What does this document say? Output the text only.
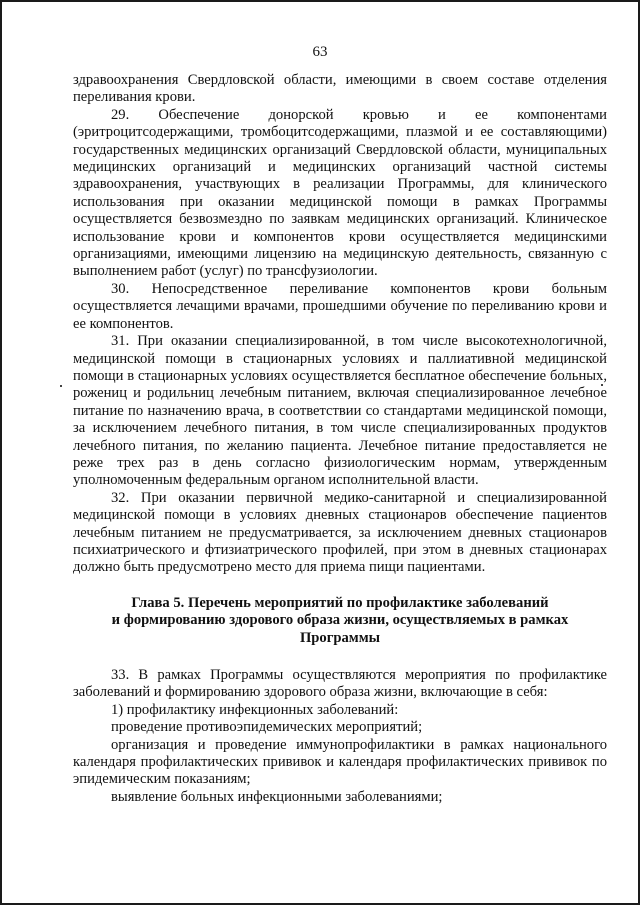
63

здравоохранения Свердловской области, имеющими в своем составе отделения переливания крови.

29. Обеспечение донорской кровью и ее компонентами (эритроцитсодержащими, тромбоцитсодержащими, плазмой и ее составляющими) государственных медицинских организаций Свердловской области, муниципальных медицинских организаций и медицинских организаций частной системы здравоохранения, участвующих в реализации Программы, для клинического использования при оказании медицинской помощи в рамках Программы осуществляется безвозмездно по заявкам медицинских организаций. Клиническое использование крови и компонентов крови осуществляется медицинскими организациями, имеющими лицензию на медицинскую деятельность, связанную с выполнением работ (услуг) по трансфузиологии.

30. Непосредственное переливание компонентов крови больным осуществляется лечащими врачами, прошедшими обучение по переливанию крови и ее компонентов.

31. При оказании специализированной, в том числе высокотехнологичной, медицинской помощи в стационарных условиях и паллиативной медицинской помощи в стационарных условиях осуществляется бесплатное обеспечение больных, рожениц и родильниц лечебным питанием, включая специализированное лечебное питание по назначению врача, в соответствии со стандартами медицинской помощи, за исключением лечебного питания, в том числе специализированных продуктов лечебного питания, по желанию пациента. Лечебное питание предоставляется не реже трех раз в день согласно физиологическим нормам, утвержденным уполномоченным федеральным органом исполнительной власти.

32. При оказании первичной медико-санитарной и специализированной медицинской помощи в условиях дневных стационаров обеспечение пациентов лечебным питанием не предусматривается, за исключением дневных стационаров психиатрического и фтизиатрического профилей, при этом в дневных стационарах должно быть предусмотрено место для приема пищи пациентами.

Глава 5. Перечень мероприятий по профилактике заболеваний
и формированию здорового образа жизни, осуществляемых в рамках
Программы

33. В рамках Программы осуществляются мероприятия по профилактике заболеваний и формированию здорового образа жизни, включающие в себя:

1) профилактику инфекционных заболеваний:

проведение противоэпидемических мероприятий;

организация и проведение иммунопрофилактики в рамках национального календаря профилактических прививок и календаря профилактических прививок по эпидемическим показаниям;

выявление больных инфекционными заболеваниями;
